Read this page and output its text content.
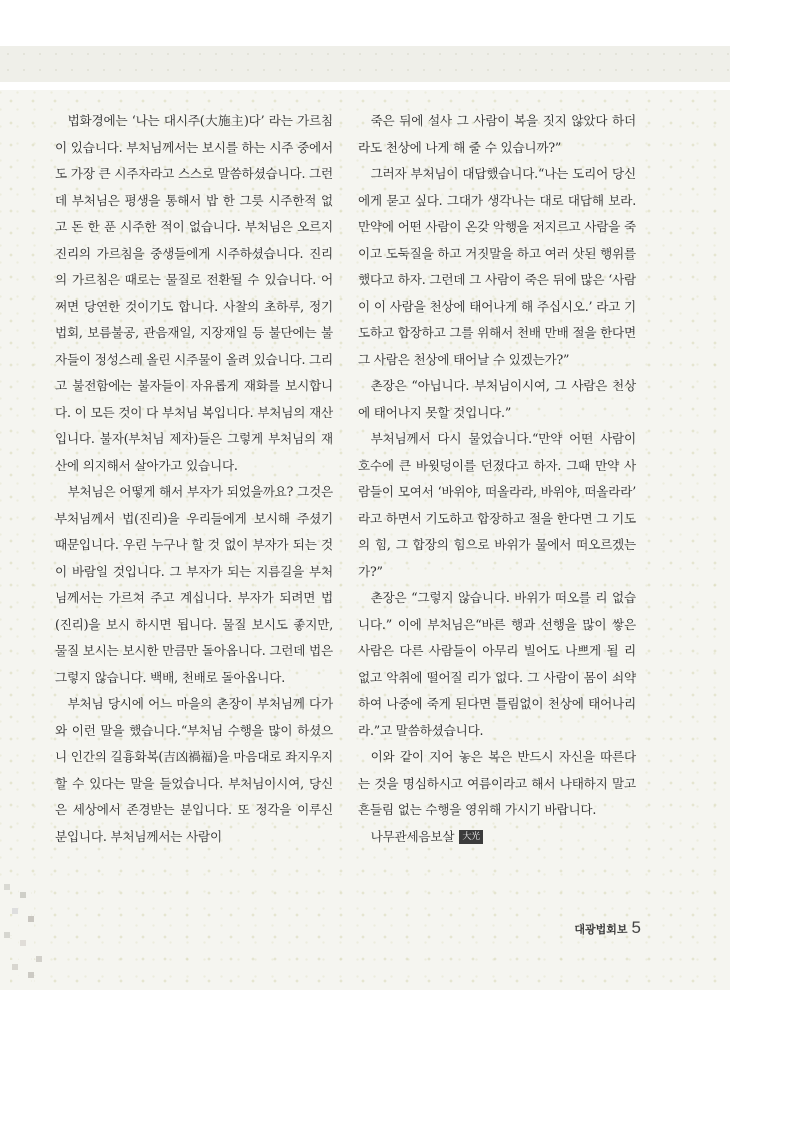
법화경에는 ‘나는 대시주(大施主)다’ 라는 가르침이 있습니다. 부처님께서는 보시를 하는 시주 중에서도 가장 큰 시주자라고 스스로 말씀하셨습니다. 그런데 부처님은 평생을 통해서 밥 한 그릇 시주한적 없고 돈 한 푼 시주한 적이 없습니다. 부처님은 오르지 진리의 가르침을 중생들에게 시주하셨습니다. 진리의 가르침은 때로는 물질로 전환될 수 있습니다. 어쩌면 당연한 것이기도 합니다. 사찰의 초하루, 정기법회, 보름불공, 관음재일, 지장재일 등 불단에는 불자들이 정성스레 올린 시주물이 올려 있습니다. 그리고 불전함에는 불자들이 자유롭게 재화를 보시합니다. 이 모든 것이 다 부처님 복입니다. 부처님의 재산입니다. 불자(부처님 제자)들은 그렇게 부처님의 재산에 의지해서 살아가고 있습니다.

부처님은 어떻게 해서 부자가 되었을까요? 그것은 부처님께서 법(진리)을 우리들에게 보시해 주셨기 때문입니다. 우린 누구나 할 것 없이 부자가 되는 것이 바람일 것입니다. 그 부자가 되는 지름길을 부처님께서는 가르쳐 주고 계십니다. 부자가 되려면 법(진리)을 보시 하시면 됩니다. 물질 보시도 좋지만, 물질 보시는 보시한 만큼만 돌아옵니다. 그런데 법은 그렇지 않습니다. 백배, 천배로 돌아옵니다.

부처님 당시에 어느 마을의 촌장이 부처님께 다가와 이런 말을 했습니다.“부처님 수행을 많이 하셨으니 인간의 길흉화복(吉凶禍福)을 마음대로 좌지우지할 수 있다는 말을 들었습니다. 부처님이시여, 당신은 세상에서 존경받는 분입니다. 또 정각을 이루신 분입니다. 부처님께서는 사람이

죽은 뒤에 설사 그 사람이 복을 짓지 않았다 하더라도 천상에 나게 해 줄 수 있습니까?”

그러자 부처님이 대답했습니다.“나는 도리어 당신에게 묻고 싶다. 그대가 생각나는 대로 대답해 보라. 만약에 어떤 사람이 온갖 악행을 저지르고 사람을 죽이고 도둑질을 하고 거짓말을 하고 여러 삿된 행위를 했다고 하자. 그런데 그 사람이 죽은 뒤에 많은 ‘사람이 이 사람을 천상에 태어나게 해 주십시오.’ 라고 기도하고 합장하고 그를 위해서 천배 만배 절을 한다면 그 사람은 천상에 태어날 수 있겠는가?”

촌장은 “아닙니다. 부처님이시여, 그 사람은 천상에 태어나지 못할 것입니다.”

부처님께서 다시 물었습니다.“만약 어떤 사람이 호수에 큰 바윗덩이를 던졌다고 하자. 그때 만약 사람들이 모여서 ‘바위야, 떠올라라, 바위야, 떠올라라’ 라고 하면서 기도하고 합장하고 절을 한다면 그 기도의 힘, 그 합장의 힘으로 바위가 물에서 떠오르겠는가?”

촌장은 “그렇지 않습니다. 바위가 떠오를 리 없습니다.” 이에 부처님은“바른 행과 선행을 많이 쌓은 사람은 다른 사람들이 아무리 빌어도 나쁘게 될 리 없고 악취에 떨어질 리가 없다. 그 사람이 몸이 쇠약하여 나중에 죽게 된다면 틀림없이 천상에 태어나리라.”고 말씀하셨습니다.

이와 같이 지어 놓은 복은 반드시 자신을 따른다는 것을 명심하시고 여름이라고 해서 나태하지 말고 흔들림 없는 수행을 영위해 가시기 바랍니다.

나무관세음보살 大光

대광법회보 5
